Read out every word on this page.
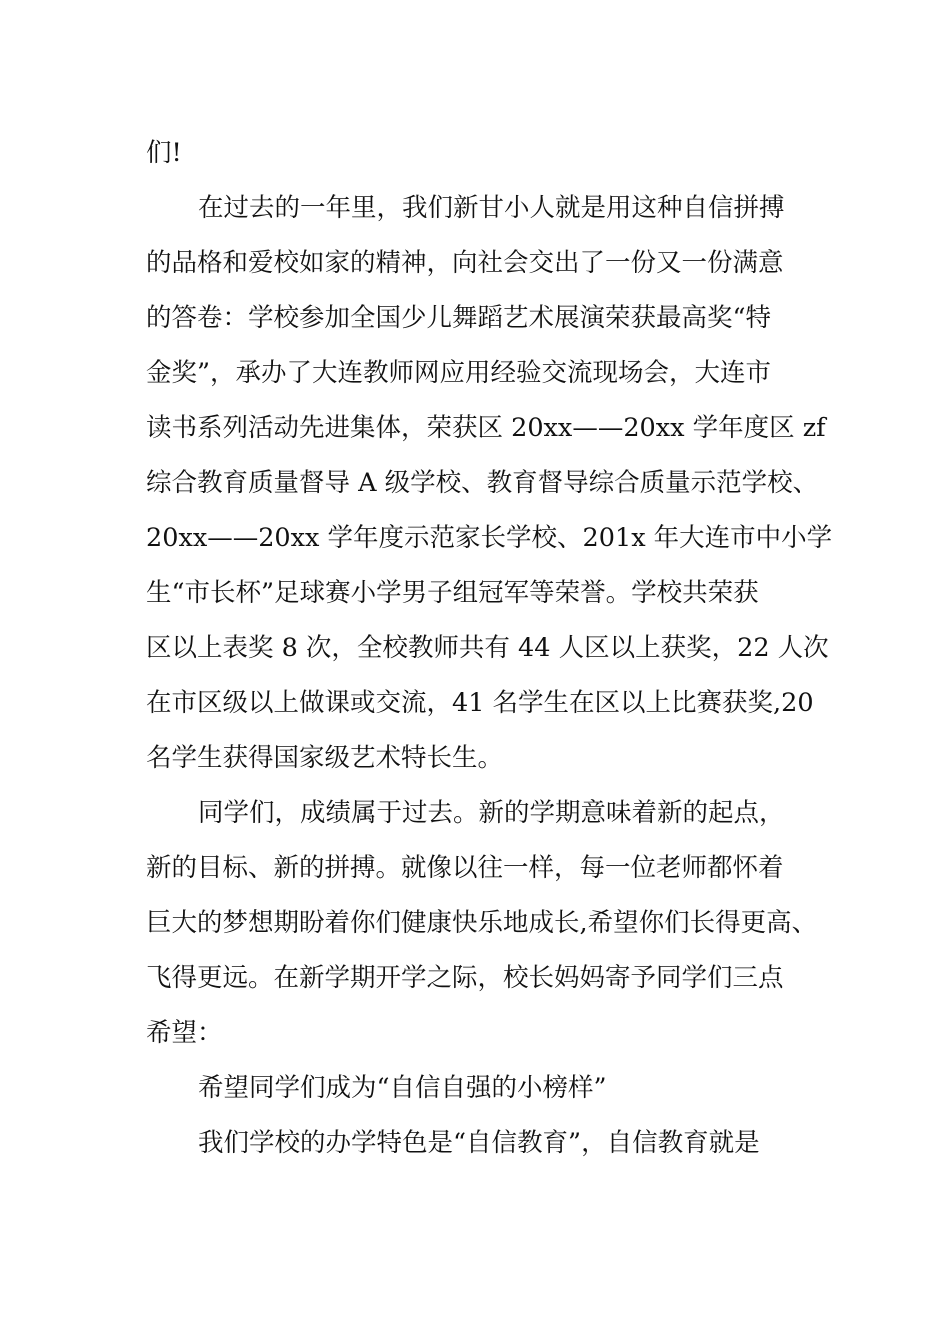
们!
在过去的一年里，我们新甘小人就是用这种自信拼搏
的品格和爱校如家的精神，向社会交出了一份又一份满意
的答卷：学校参加全国少儿舞蹈艺术展演荣获最高奖“特
金奖”，承办了大连教师网应用经验交流现场会，大连市
读书系列活动先进集体，荣获区 20xx——20xx 学年度区 zf
综合教育质量督导 A 级学校、教育督导综合质量示范学校、
20xx——20xx 学年度示范家长学校、201x 年大连市中小学
生“市长杯”足球赛小学男子组冠军等荣誉。学校共荣获
区以上表奖 8 次，全校教师共有 44 人区以上获奖，22 人次
在市区级以上做课或交流，41 名学生在区以上比赛获奖,20
名学生获得国家级艺术特长生。
同学们，成绩属于过去。新的学期意味着新的起点，
新的目标、新的拼搏。就像以往一样，每一位老师都怀着
巨大的梦想期盼着你们健康快乐地成长,希望你们长得更高、
飞得更远。在新学期开学之际，校长妈妈寄予同学们三点
希望：
希望同学们成为“自信自强的小榜样”
我们学校的办学特色是“自信教育”，自信教育就是
